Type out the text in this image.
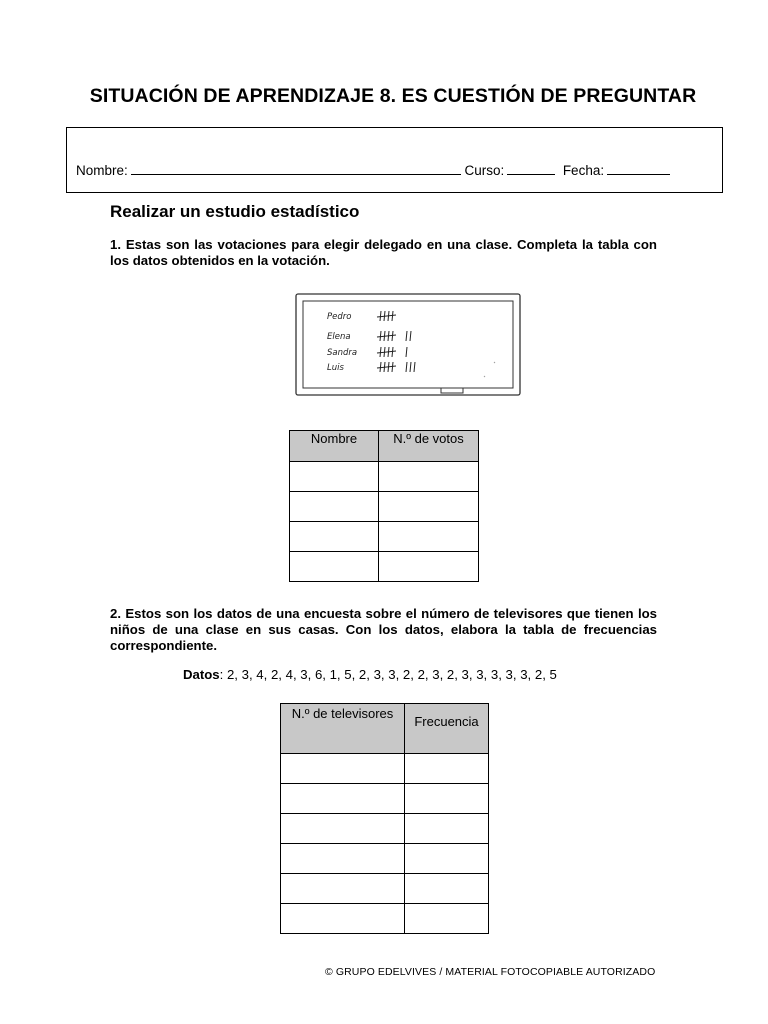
SITUACIÓN DE APRENDIZAJE 8. ES CUESTIÓN DE PREGUNTAR
Nombre:	Curso:	Fecha:
Realizar un estudio estadístico
1. Estas son las votaciones para elegir delegado en una clase. Completa la tabla con los datos obtenidos en la votación.
Pedro
Elena
Sandra
Luis
Nombre	N.º de votos

2. Estos son los datos de una encuesta sobre el número de televisores que tienen los niños de una clase en sus casas. Con los datos, elabora la tabla de frecuencias correspondiente.
Datos: 2, 3, 4, 2, 4, 3, 6, 1, 5, 2, 3, 3, 2, 2, 3, 2, 3, 3, 3, 3, 3, 2, 5
N.º de televisores	Frecuencia

© GRUPO EDELVIVES / MATERIAL FOTOCOPIABLE AUTORIZADO
